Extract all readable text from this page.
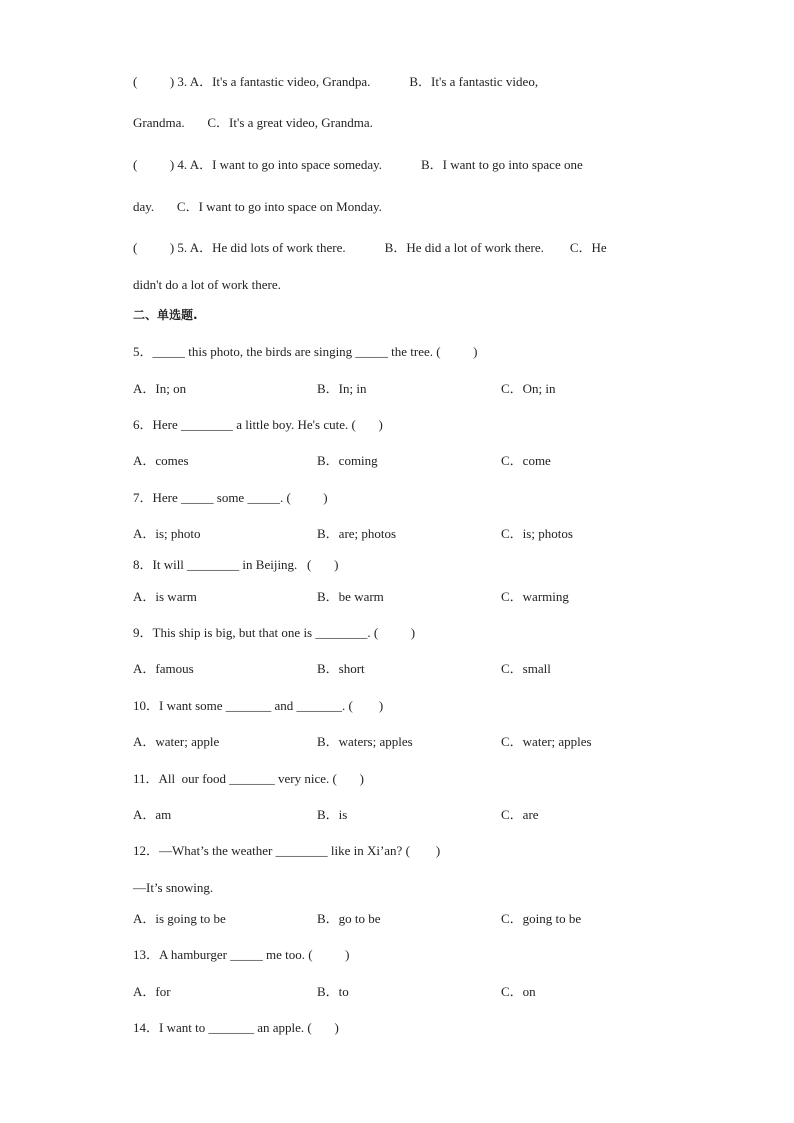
(          ) 3. A．It's a fantastic video, Grandpa.            B．It's a fantastic video,
Grandma.       C．It's a great video, Grandma.
(          ) 4. A．I want to go into space someday.            B．I want to go into space one
day.       C．I want to go into space on Monday.
(          ) 5. A．He did lots of work there.            B．He did a lot of work there.        C．He
didn't do a lot of work there.
二、单选题.
5．_____ this photo, the birds are singing _____ the tree. (          )
A．In; on	B．In; in	C．On; in
6．Here ________ a little boy. He's cute. (       )
A．comes	B．coming	C．come
7．Here _____ some _____. (          )
A．is; photo	B．are; photos	C．is; photos
8．It will ________ in Beijing.   (       )
A．is warm	B．be warm	C．warming
9．This ship is big, but that one is ________. (          )
A．famous	B．short	C．small
10．I want some _______ and _______. (        )
A．water; apple	B．waters; apples	C．water; apples
11．All  our food _______ very nice. (       )
A．am	B．is	C．are
12．—What’s the weather ________ like in Xi’an? (        )
—It’s snowing.
A．is going to be	B．go to be	C．going to be
13．A hamburger _____ me too. (          )
A．for	B．to	C．on
14．I want to _______ an apple. (       )
